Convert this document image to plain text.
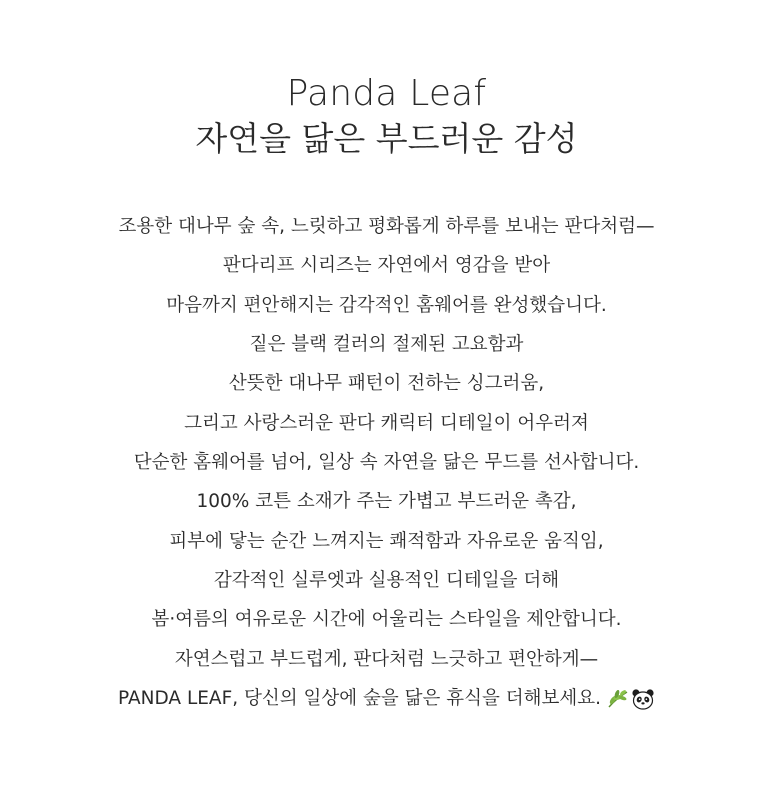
Panda Leaf
자연을 닮은 부드러운 감성
조용한 대나무 숲 속, 느릿하고 평화롭게 하루를 보내는 판다처럼—
판다리프 시리즈는 자연에서 영감을 받아
마음까지 편안해지는 감각적인 홈웨어를 완성했습니다.
짙은 블랙 컬러의 절제된 고요함과
산뜻한 대나무 패턴이 전하는 싱그러움,
그리고 사랑스러운 판다 캐릭터 디테일이 어우러져
단순한 홈웨어를 넘어, 일상 속 자연을 닮은 무드를 선사합니다.
100% 코튼 소재가 주는 가볍고 부드러운 촉감,
피부에 닿는 순간 느껴지는 쾌적함과 자유로운 움직임,
감각적인 실루엣과 실용적인 디테일을 더해
봄·여름의 여유로운 시간에 어울리는 스타일을 제안합니다.
자연스럽고 부드럽게, 판다처럼 느긋하고 편안하게—
PANDA LEAF, 당신의 일상에 숲을 닮은 휴식을 더해보세요.
